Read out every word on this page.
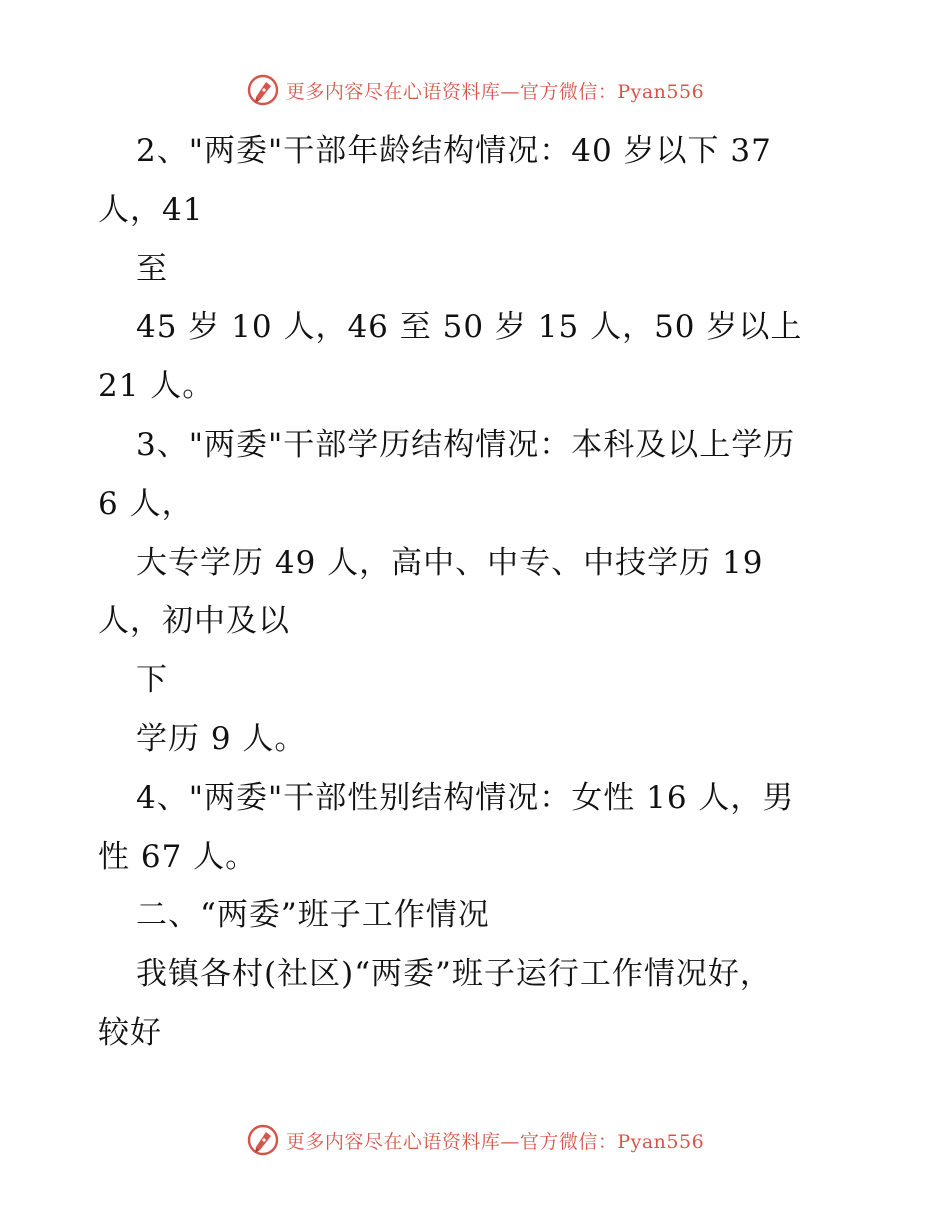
更多内容尽在心语资料库—官方微信：Pyan556
2、"两委"干部年龄结构情况：40 岁以下 37
人，41
至
45 岁 10 人，46 至 50 岁 15 人，50 岁以上
21 人。
3、"两委"干部学历结构情况：本科及以上学历
6 人，
大专学历 49 人，高中、中专、中技学历 19
人，初中及以
下
学历 9 人。
4、"两委"干部性别结构情况：女性 16 人，男
性 67 人。
二、“两委”班子工作情况
我镇各村(社区)“两委”班子运行工作情况好，
较好
更多内容尽在心语资料库—官方微信：Pyan556
